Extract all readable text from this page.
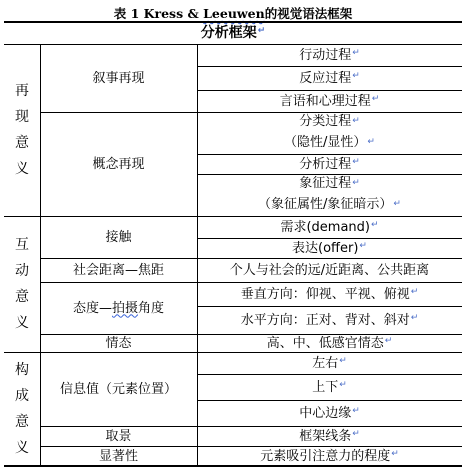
表 1 Kress & Leeuwen的视觉语法框架
分析框架 ↵
再
现
意
义
互
动
意
义
构
成
意
义
叙事再现
概念再现
接触
社会距离—焦距
态度— 拍摄 角度
情态
信息值（元素位置）
取景
显著性
行动过程 ↵
反应过程 ↵
言语和心理过程 ↵
分类过程↵
（隐性/显性）↵
分析过程 ↵
象征过程↵
（象征属性/象征暗示）↵
需求(demand) ↵
表达(offer) ↵
个人与社会的远/近距离、公共距离
垂直方向：仰视、平视、俯视 ↵
水平方向：正对、背对、斜对 ↵
高、中、低感官情态 ↵
左右 ↵
上下 ↵
中心边缘 ↵
框架线条 ↵
元素吸引注意力的程度 ↵
